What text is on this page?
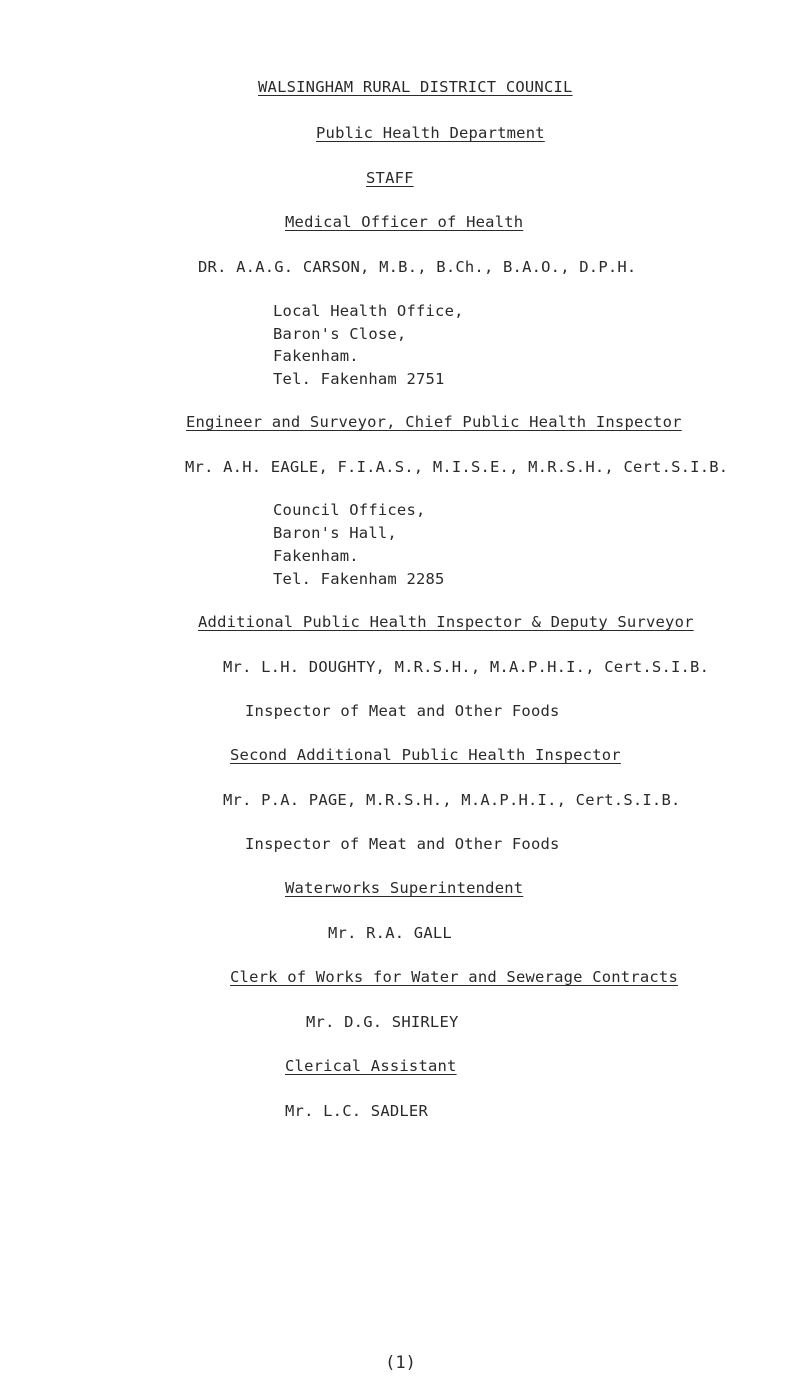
WALSINGHAM RURAL DISTRICT COUNCIL
Public Health Department
STAFF
Medical Officer of Health
DR. A.A.G. CARSON, M.B., B.Ch., B.A.O., D.P.H.
Local Health Office,
Baron's Close,
Fakenham.
Tel. Fakenham 2751
Engineer and Surveyor, Chief Public Health Inspector
Mr. A.H. EAGLE, F.I.A.S., M.I.S.E., M.R.S.H., Cert.S.I.B.
Council Offices,
Baron's Hall,
Fakenham.
Tel. Fakenham 2285
Additional Public Health Inspector & Deputy Surveyor
Mr. L.H. DOUGHTY, M.R.S.H., M.A.P.H.I., Cert.S.I.B.
Inspector of Meat and Other Foods
Second Additional Public Health Inspector
Mr. P.A. PAGE, M.R.S.H., M.A.P.H.I., Cert.S.I.B.
Inspector of Meat and Other Foods
Waterworks Superintendent
Mr. R.A. GALL
Clerk of Works for Water and Sewerage Contracts
Mr. D.G. SHIRLEY
Clerical Assistant
Mr. L.C. SADLER
(1)
